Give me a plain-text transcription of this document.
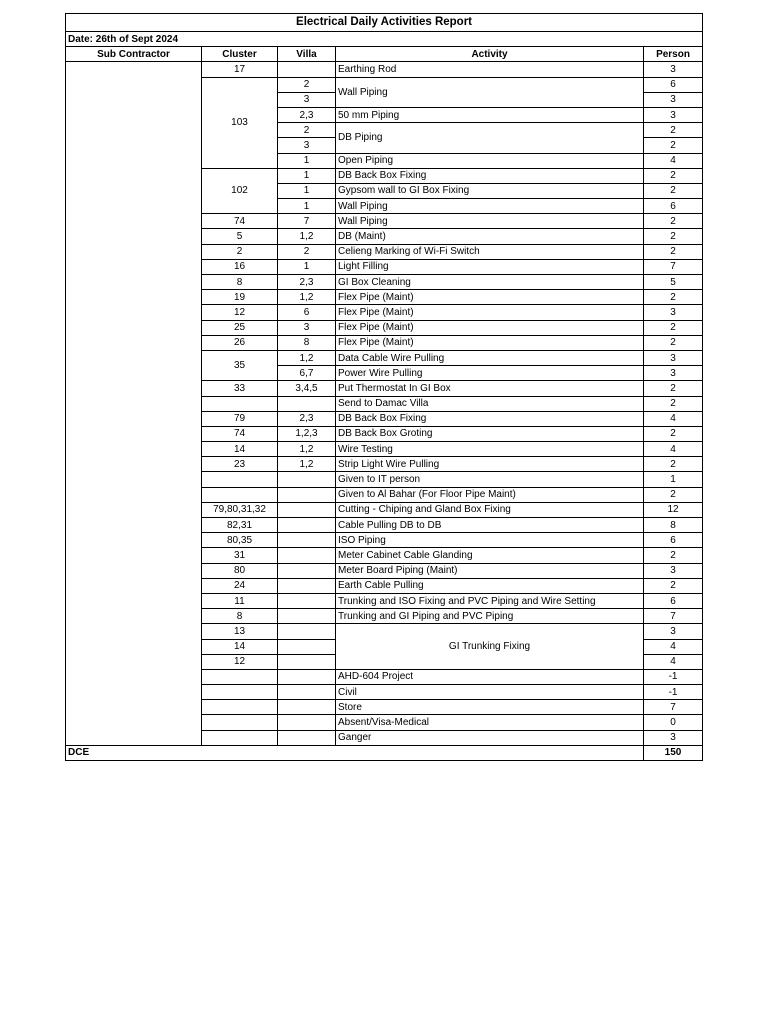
Electrical Daily Activities Report				
Date: 26th of Sept 2024				
Sub Contractor	Cluster	Villa	Activity	Person
	17		Earthing Rod	3
	103	2	Wall Piping	6
		3		3
		2,3	50 mm Piping	3
		2	DB Piping	2
		3		2
		1	Open Piping	4
	102	1	DB Back Box Fixing	2
		1	Gypsom wall to GI Box Fixing	2
		1	Wall Piping	6
	74	7	Wall Piping	2
	5	1,2	DB (Maint)	2
	2	2	Celieng Marking of Wi-Fi Switch	2
	16	1	Light Filling	7
	8	2,3	GI Box Cleaning	5
	19	1,2	Flex Pipe (Maint)	2
	12	6	Flex Pipe (Maint)	3
	25	3	Flex Pipe (Maint)	2
	26	8	Flex Pipe (Maint)	2
	35	1,2	Data Cable Wire Pulling	3
		6,7	Power Wire Pulling	3
	33	3,4,5	Put Thermostat In GI Box	2
			Send to Damac Villa	2
	79	2,3	DB Back Box Fixing	4
	74	1,2,3	DB Back Box Groting	2
	14	1,2	Wire Testing	4
	23	1,2	Strip Light Wire Pulling	2
			Given to IT person	1
			Given to Al Bahar (For Floor Pipe Maint)	2
	79,80,31,32		Cutting - Chiping and Gland Box Fixing	12
	82,31		Cable Pulling DB to DB	8
	80,35		ISO Piping	6
	31		Meter Cabinet Cable Glanding	2
	80		Meter Board Piping (Maint)	3
	24		Earth Cable Pulling	2
	11		Trunking and ISO Fixing and PVC Piping and Wire Setting	6
	8		Trunking and GI Piping and PVC Piping	7
	13		GI Trunking Fixing	3
	14			4
	12			4
			AHD-604 Project	-1
			Civil	-1
			Store	7
			Absent/Visa-Medical	0
			Ganger	3
DCE				150
